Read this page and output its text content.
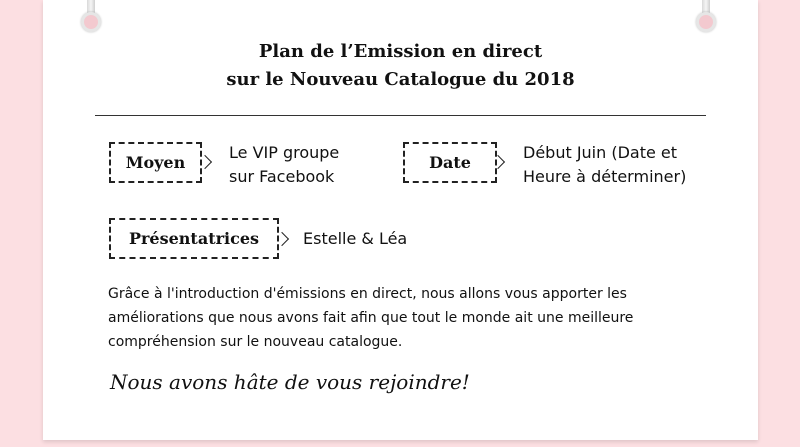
Plan de l’Emission en direct
sur le Nouveau Catalogue du 2018
Moyen
Le VIP groupe
sur Facebook
Date
Début Juin (Date et
Heure à déterminer)
Présentatrices	Estelle & Léa
Grâce à l'introduction d'émissions en direct, nous allons vous apporter les
améliorations que nous avons fait afin que tout le monde ait une meilleure
compréhension sur le nouveau catalogue.
Nous avons hâte de vous rejoindre!
